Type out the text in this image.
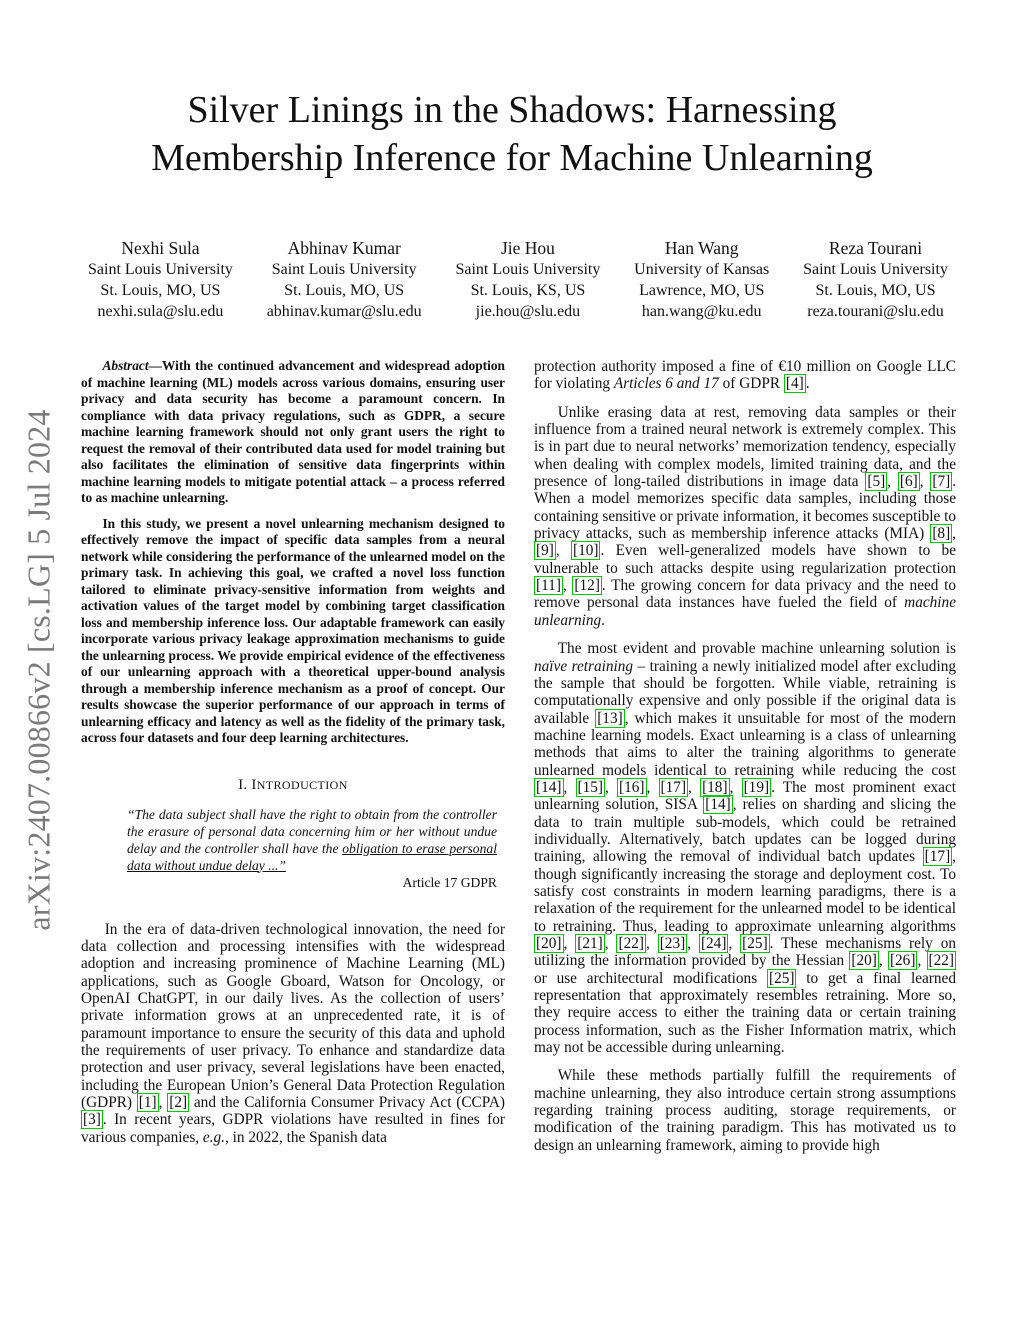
arXiv:2407.00866v2 [cs.LG] 5 Jul 2024
Silver Linings in the Shadows: Harnessing
Membership Inference for Machine Unlearning
Nexhi Sula
Saint Louis University
St. Louis, MO, US
nexhi.sula@slu.edu
Abhinav Kumar
Saint Louis University
St. Louis, MO, US
abhinav.kumar@slu.edu
Jie Hou
Saint Louis University
St. Louis, KS, US
jie.hou@slu.edu
Han Wang
University of Kansas
Lawrence, MO, US
han.wang@ku.edu
Reza Tourani
Saint Louis University
St. Louis, MO, US
reza.tourani@slu.edu

Abstract—With the continued advancement and widespread adoption of machine learning (ML) models across various domains, ensuring user privacy and data security has become a paramount concern. In compliance with data privacy regulations, such as GDPR, a secure machine learning framework should not only grant users the right to request the removal of their contributed data used for model training but also facilitates the elimination of sensitive data fingerprints within machine learning models to mitigate potential attack – a process referred to as machine unlearning.

In this study, we present a novel unlearning mechanism designed to effectively remove the impact of specific data samples from a neural network while considering the performance of the unlearned model on the primary task. In achieving this goal, we crafted a novel loss function tailored to eliminate privacy-sensitive information from weights and activation values of the target model by combining target classification loss and membership inference loss. Our adaptable framework can easily incorporate various privacy leakage approximation mechanisms to guide the unlearning process. We provide empirical evidence of the effectiveness of our unlearning approach with a theoretical upper-bound analysis through a membership inference mechanism as a proof of concept. Our results showcase the superior performance of our approach in terms of unlearning efficacy and latency as well as the fidelity of the primary task, across four datasets and four deep learning architectures.

I. INTRODUCTION

“The data subject shall have the right to obtain from the controller the erasure of personal data concerning him or her without undue delay and the controller shall have the obligation to erase personal data without undue delay ...”

Article 17 GDPR

In the era of data-driven technological innovation, the need for data collection and processing intensifies with the widespread adoption and increasing prominence of Machine Learning (ML) applications, such as Google Gboard, Watson for Oncology, or OpenAI ChatGPT, in our daily lives. As the collection of users’ private information grows at an unprecedented rate, it is of paramount importance to ensure the security of this data and uphold the requirements of user privacy. To enhance and standardize data protection and user privacy, several legislations have been enacted, including the European Union’s General Data Protection Regulation (GDPR) [1] , [2] and the California Consumer Privacy Act (CCPA) [3] . In recent years, GDPR violations have resulted in fines for various companies, e.g., in 2022, the Spanish data

protection authority imposed a fine of €10 million on Google LLC for violating Articles 6 and 17 of GDPR [4] .

Unlike erasing data at rest, removing data samples or their influence from a trained neural network is extremely complex. This is in part due to neural networks’ memorization tendency, especially when dealing with complex models, limited training data, and the presence of long-tailed distributions in image data [5] , [6] , [7] . When a model memorizes specific data samples, including those containing sensitive or private information, it becomes susceptible to privacy attacks, such as membership inference attacks (MIA) [8] , [9] , [10] . Even well-generalized models have shown to be vulnerable to such attacks despite using regularization protection [11] , [12] . The growing concern for data privacy and the need to remove personal data instances have fueled the field of machine unlearning.

The most evident and provable machine unlearning solution is naïve retraining – training a newly initialized model after excluding the sample that should be forgotten. While viable, retraining is computationally expensive and only possible if the original data is available [13] , which makes it unsuitable for most of the modern machine learning models. Exact unlearning is a class of unlearning methods that aims to alter the training algorithms to generate unlearned models identical to retraining while reducing the cost [14] , [15] , [16] , [17] , [18] , [19] . The most prominent exact unlearning solution, SISA [14] , relies on sharding and slicing the data to train multiple sub-models, which could be retrained individually. Alternatively, batch updates can be logged during training, allowing the removal of individual batch updates [17] , though significantly increasing the storage and deployment cost. To satisfy cost constraints in modern learning paradigms, there is a relaxation of the requirement for the unlearned model to be identical to retraining. Thus, leading to approximate unlearning algorithms [20] , [21] , [22] , [23] , [24] , [25] . These mechanisms rely on utilizing the information provided by the Hessian [20] , [26] , [22] or use architectural modifications [25] to get a final learned representation that approximately resembles retraining. More so, they require access to either the training data or certain training process information, such as the Fisher Information matrix, which may not be accessible during unlearning.

While these methods partially fulfill the requirements of machine unlearning, they also introduce certain strong assumptions regarding training process auditing, storage requirements, or modification of the training paradigm. This has motivated us to design an unlearning framework, aiming to provide high
